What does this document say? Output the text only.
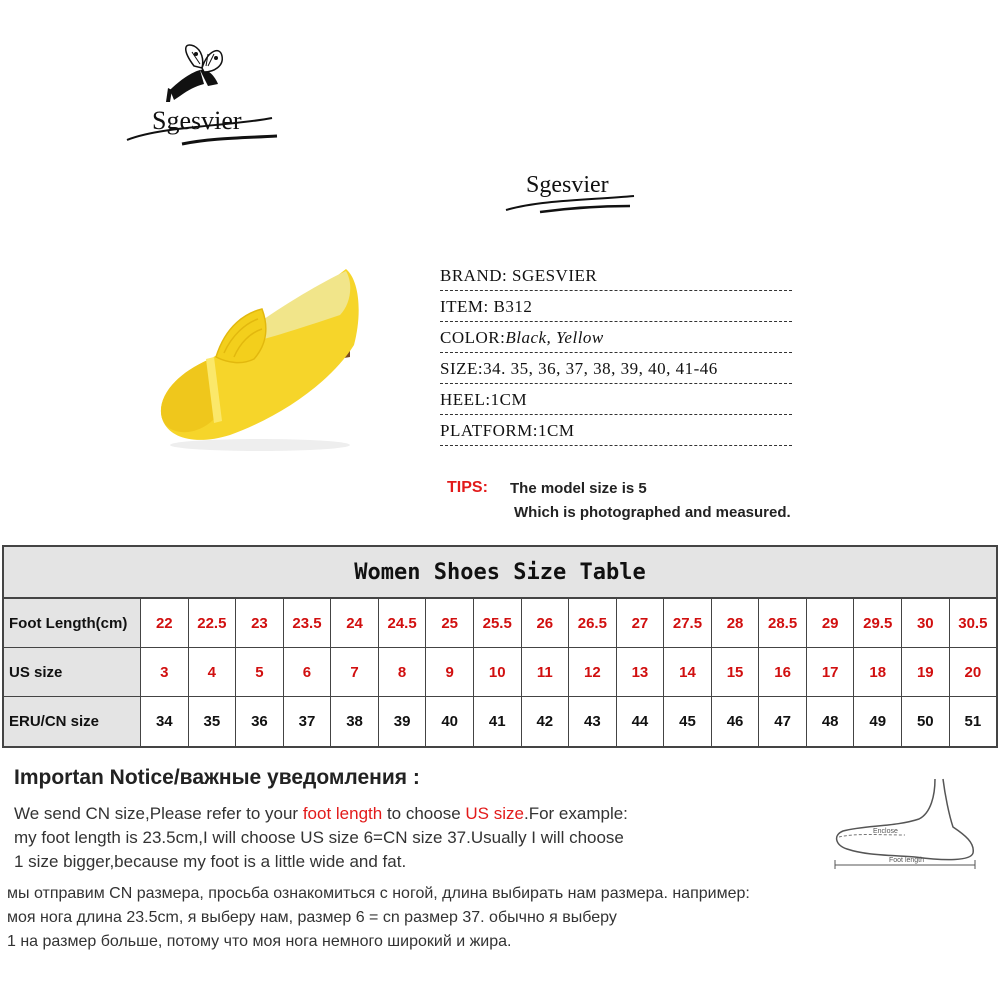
Sgesvier
Sgesvier
BRAND: SGESVIER
ITEM: B312
COLOR:Black, Yellow
SIZE:34. 35, 36, 37, 38, 39, 40, 41-46
HEEL:1CM
PLATFORM:1CM
TIPS: The model size is 5
Which is photographed and measured.
Women Shoes Size Table
Foot Length(cm)	22	22.5	23	23.5	24	24.5	25	25.5	26	26.5	27	27.5	28	28.5	29	29.5	30	30.5
US size	3	4	5	6	7	8	9	10	11	12	13	14	15	16	17	18	19	20
ERU/CN size	34	35	36	37	38	39	40	41	42	43	44	45	46	47	48	49	50	51
Importan Notice/важные уведомления :
We send CN size,Please refer to your foot length to choose US size.For example:
my foot length is 23.5cm,I will choose US size 6=CN size 37.Usually I will choose
1 size bigger,because my foot is a little wide and fat.
мы отправим CN размера, просьба ознакомиться с ногой, длина выбирать нам размера. например:
моя нога длина 23.5cm, я выберу нам, размер 6 = cn размер 37. обычно я выберу
1 на размер больше, потому что моя нога немного широкий и жира.
Enclose
Foot length
